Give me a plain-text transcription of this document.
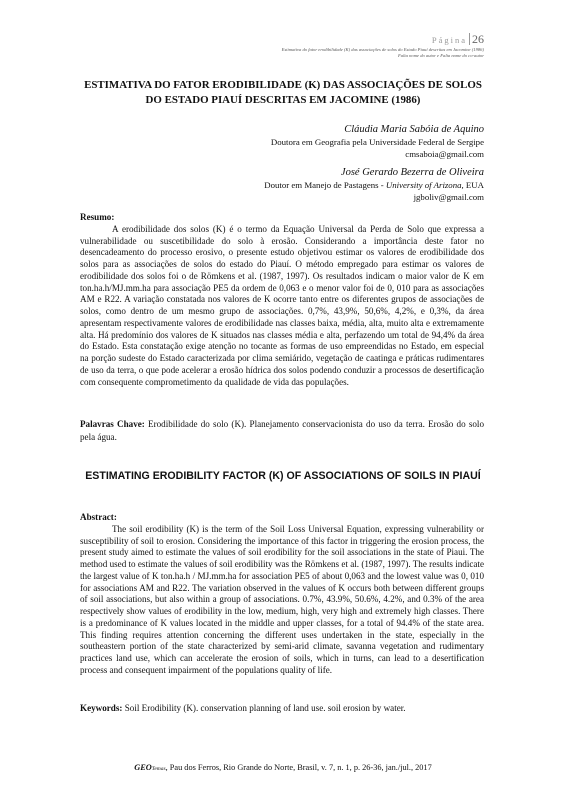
Página 26
Estimativa do fator erodibilidade (K) das associações de solos do Estado Piauí descritas em Jacomine (1986)
Falta nome do autor e Falta nome do co-autor
ESTIMATIVA DO FATOR ERODIBILIDADE (K) DAS ASSOCIAÇÕES DE SOLOS DO ESTADO PIAUÍ DESCRITAS EM JACOMINE (1986)
Cláudia Maria Sabóia de Aquino
Doutora em Geografia pela Universidade Federal de Sergipe
cmsaboia@gmail.com
José Gerardo Bezerra de Oliveira
Doutor em Manejo de Pastagens - University of Arizona, EUA
jgboliv@gmail.com
Resumo:

A erodibilidade dos solos (K) é o termo da Equação Universal da Perda de Solo que expressa a vulnerabilidade ou suscetibilidade do solo à erosão. Considerando a importância deste fator no desencadeamento do processo erosivo, o presente estudo objetivou estimar os valores de erodibilidade dos solos para as associações de solos do estado do Piauí. O método empregado para estimar os valores de erodibilidade dos solos foi o de Römkens et al. (1987, 1997). Os resultados indicam o maior valor de K em ton.ha.h/MJ.mm.ha para associação PE5 da ordem de 0,063 e o menor valor foi de 0, 010 para as associações AM e R22. A variação constatada nos valores de K ocorre tanto entre os diferentes grupos de associações de solos, como dentro de um mesmo grupo de associações. 0,7%, 43,9%, 50,6%, 4,2%, e 0,3%, da área apresentam respectivamente valores de erodibilidade nas classes baixa, média, alta, muito alta e extremamente alta. Há predomínio dos valores de K situados nas classes média e alta, perfazendo um total de 94,4% da área do Estado. Esta constatação exige atenção no tocante as formas de uso empreendidas no Estado, em especial na porção sudeste do Estado caracterizada por clima semiárido, vegetação de caatinga e práticas rudimentares de uso da terra, o que pode acelerar a erosão hídrica dos solos podendo conduzir a processos de desertificação com consequente comprometimento da qualidade de vida das populações.

Palavras Chave: Erodibilidade do solo (K). Planejamento conservacionista do uso da terra. Erosão do solo pela água.
ESTIMATING ERODIBILITY FACTOR (K) OF ASSOCIATIONS OF SOILS IN PIAUÍ
Abstract:

The soil erodibility (K) is the term of the Soil Loss Universal Equation, expressing vulnerability or susceptibility of soil to erosion. Considering the importance of this factor in triggering the erosion process, the present study aimed to estimate the values of soil erodibility for the soil associations in the state of Piaui. The method used to estimate the values of soil erodibility was the Römkens et al. (1987, 1997). The results indicate the largest value of K ton.ha.h / MJ.mm.ha for association PE5 of about 0,063 and the lowest value was 0, 010 for associations AM and R22. The variation observed in the values of K occurs both between different groups of soil associations, but also within a group of associations. 0.7%, 43.9%, 50.6%, 4.2%, and 0.3% of the area respectively show values of erodibility in the low, medium, high, very high and extremely high classes. There is a predominance of K values located in the middle and upper classes, for a total of 94.4% of the state area. This finding requires attention concerning the different uses undertaken in the state, especially in the southeastern portion of the state characterized by semi-arid climate, savanna vegetation and rudimentary practices land use, which can accelerate the erosion of soils, which in turns, can lead to a desertification process and consequent impairment of the populations quality of life.

Keywords: Soil Erodibility (K). conservation planning of land use. soil erosion by water.
GEOTemas, Pau dos Ferros, Rio Grande do Norte, Brasil, v. 7, n. 1, p. 26-36, jan./jul., 2017
